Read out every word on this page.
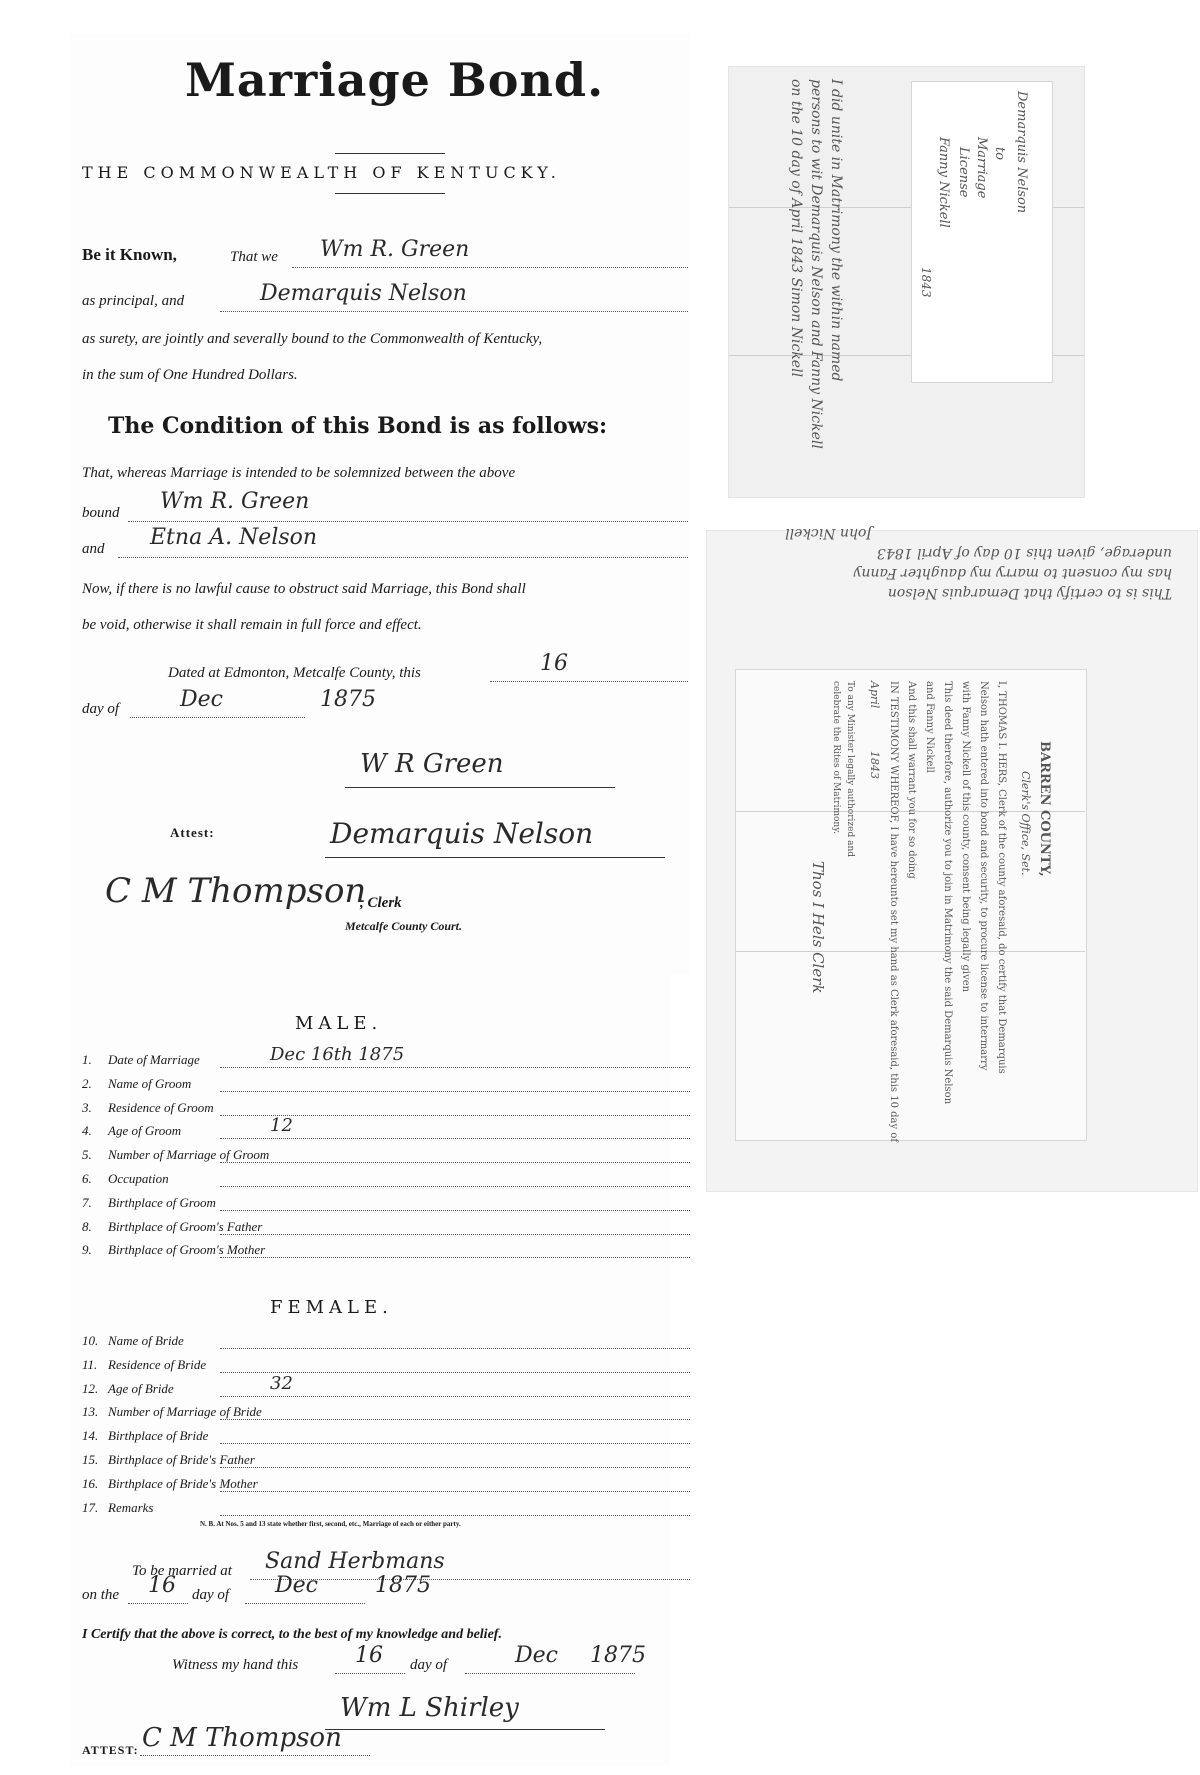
Marriage Bond.
THE COMMONWEALTH OF KENTUCKY.
Be it Known,	That we Wm R. Green
as principal, and	Demarquis Nelson
as surety, are jointly and severally bound to the Commonwealth of Kentucky,
in the sum of One Hundred Dollars.
The Condition of this Bond is as follows:
That, whereas Marriage is intended to be solemnized between the above
bound Wm R. Green
and Etna A. Nelson
Now, if there is no lawful cause to obstruct said Marriage, this Bond shall
be void, otherwise it shall remain in full force and effect.
Dated at Edmonton, Metcalfe County, this	16
day of	Dec	1875
W R Green
Attest:	Demarquis Nelson
C M Thompson
, Clerk
Metcalfe County Court.
MALE.
1. Date of Marriage	Dec 16th 1875
2. Name of Groom
3. Residence of Groom
4. Age of Groom	12
5. Number of Marriage of Groom
6. Occupation
7. Birthplace of Groom
8. Birthplace of Groom's Father
9. Birthplace of Groom's Mother
FEMALE.
10. Name of Bride
11. Residence of Bride
12. Age of Bride	32
13. Number of Marriage of Bride
14. Birthplace of Bride
15. Birthplace of Bride's Father
16. Birthplace of Bride's Mother
17. Remarks
N. B. At Nos. 5 and 13 state whether first, second, etc., Marriage of each or either party.
To be married at Sand Herbmans
on the 16 day of Dec	1875
I Certify that the above is correct, to the best of my knowledge and belief.
Witness my hand this	16 day of	Dec 1875
Wm L Shirley
ATTEST: C M Thompson
Demarquis Nelson
to
Marriage
License
Fanny Nickell
1843
I did unite in Matrimony the within named
persons to wit Demarquis Nelson and Fanny Nickell
on the 10 day of April 1843 Simon Nickell
This is to certify that Demarquis Nelson
has my consent to marry my daughter Fanny
underage, given this 10 day of April 1843
John Nickell
BARREN COUNTY,
Clerk's Office, Set.
I, THOMAS I. HERS, Clerk of the county aforesaid, do certify that Demarquis
Nelson hath entered into bond and security, to procure license to intermarry
with Fanny Nickell of this county, consent being legally given
This deed therefore, authorize you to join in Matrimony the said Demarquis Nelson
and Fanny Nickell
And this shall warrant you for so doing
IN TESTIMONY WHEREOF, I have hereunto set my hand as Clerk aforesaid, this 10 day of
April
1843
To any Minister legally authorized and
celebrate the Rites of Matrimony.
Thos I Hels Clerk
